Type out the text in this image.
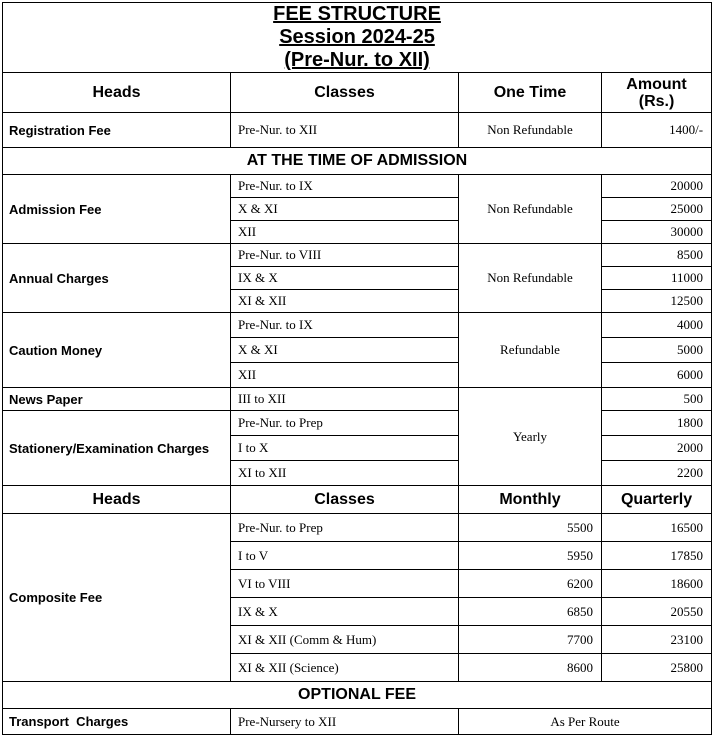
FEE STRUCTURE
Session 2024-25
(Pre-Nur. to XII)			

Heads	Classes	One Time	Amount
(Rs.)

Registration Fee	Pre-Nur. to XII	Non Refundable	1400/-
AT THE TIME OF ADMISSION			
Admission Fee	Pre-Nur. to IX	Non Refundable	20000
	X & XI		25000
	XII		30000
Annual Charges	Pre-Nur. to VIII	Non Refundable	8500
	IX & X		11000
	XI & XII		12500
Caution Money	Pre-Nur. to IX	Refundable	4000
	X & XI		5000
	XII		6000
News Paper	III to XII	Yearly	500
Stationery/Examination Charges	Pre-Nur. to Prep		1800
	I to X		2000
	XI to XII		2200
Heads	Classes	Monthly	Quarterly
Composite Fee	Pre-Nur. to Prep	5500	16500
	I to V	5950	17850
	VI to VIII	6200	18600
	IX & X	6850	20550
	XI & XII (Comm & Hum)	7700	23100
	XI & XII (Science)	8600	25800
OPTIONAL FEE			
Transport  Charges	Pre-Nursery to XII	As Per Route	
